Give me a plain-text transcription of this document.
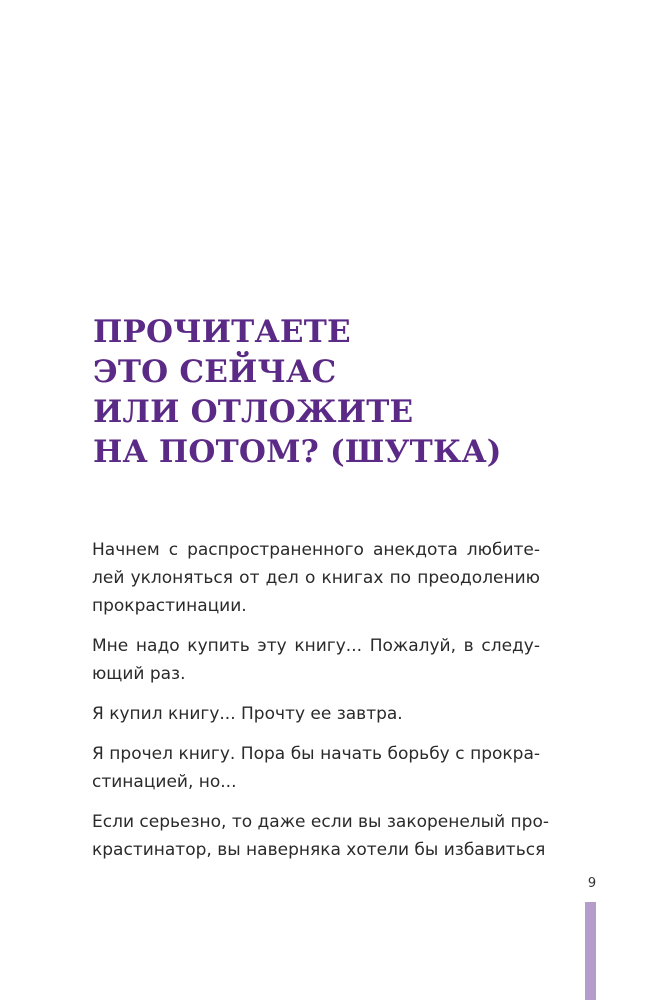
ПРОЧИТАЕТЕ
ЭТО СЕЙЧАС
ИЛИ ОТЛОЖИТЕ
НА ПОТОМ? (ШУТКА)

Начнем с распространенного анекдота любите-
лей уклоняться от дел о книгах по преодолению
прокрастинации.

Мне надо купить эту книгу... Пожалуй, в следу-
ющий раз.

Я купил книгу... Прочту ее завтра.

Я прочел книгу. Пора бы начать борьбу с прокра-
стинацией, но...

Если серьезно, то даже если вы закоренелый про-
крастинатор, вы наверняка хотели бы избавиться

9
